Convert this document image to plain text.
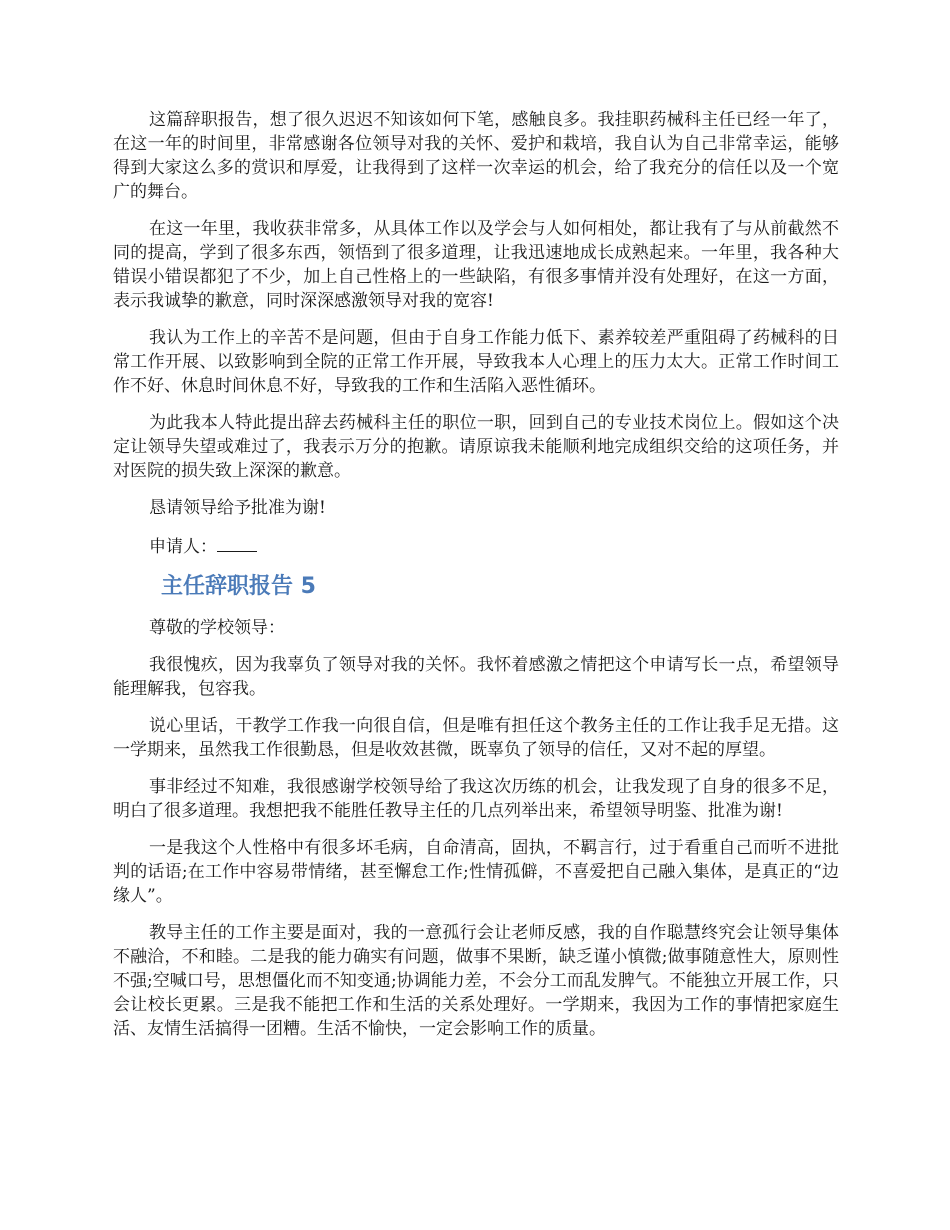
这篇辞职报告，想了很久迟迟不知该如何下笔，感触良多。我挂职药械科主任已经一年了，在这一年的时间里，非常感谢各位领导对我的关怀、爱护和栽培，我自认为自己非常幸运，能够得到大家这么多的赏识和厚爱，让我得到了这样一次幸运的机会，给了我充分的信任以及一个宽广的舞台。

在这一年里，我收获非常多，从具体工作以及学会与人如何相处，都让我有了与从前截然不同的提高，学到了很多东西，领悟到了很多道理，让我迅速地成长成熟起来。一年里，我各种大错误小错误都犯了不少，加上自己性格上的一些缺陷，有很多事情并没有处理好，在这一方面，表示我诚挚的歉意，同时深深感激领导对我的宽容!

我认为工作上的辛苦不是问题，但由于自身工作能力低下、素养较差严重阻碍了药械科的日常工作开展、以致影响到全院的正常工作开展，导致我本人心理上的压力太大。正常工作时间工作不好、休息时间休息不好，导致我的工作和生活陷入恶性循环。

为此我本人特此提出辞去药械科主任的职位一职，回到自己的专业技术岗位上。假如这个决定让领导失望或难过了，我表示万分的抱歉。请原谅我未能顺利地完成组织交给的这项任务，并对医院的损失致上深深的歉意。

恳请领导给予批准为谢!

申请人：

主任辞职报告 5

尊敬的学校领导：

我很愧疚，因为我辜负了领导对我的关怀。我怀着感激之情把这个申请写长一点，希望领导能理解我，包容我。

说心里话，干教学工作我一向很自信，但是唯有担任这个教务主任的工作让我手足无措。这一学期来，虽然我工作很勤恳，但是收效甚微，既辜负了领导的信任，又对不起的厚望。

事非经过不知难，我很感谢学校领导给了我这次历练的机会，让我发现了自身的很多不足，明白了很多道理。我想把我不能胜任教导主任的几点列举出来，希望领导明鉴、批准为谢!

一是我这个人性格中有很多坏毛病，自命清高，固执，不羁言行，过于看重自己而听不进批判的话语;在工作中容易带情绪，甚至懈怠工作;性情孤僻，不喜爱把自己融入集体，是真正的“边缘人”。

教导主任的工作主要是面对，我的一意孤行会让老师反感，我的自作聪慧终究会让领导集体不融洽，不和睦。二是我的能力确实有问题，做事不果断，缺乏谨小慎微;做事随意性大，原则性不强;空喊口号，思想僵化而不知变通;协调能力差，不会分工而乱发脾气。不能独立开展工作，只会让校长更累。三是我不能把工作和生活的关系处理好。一学期来，我因为工作的事情把家庭生活、友情生活搞得一团糟。生活不愉快，一定会影响工作的质量。
